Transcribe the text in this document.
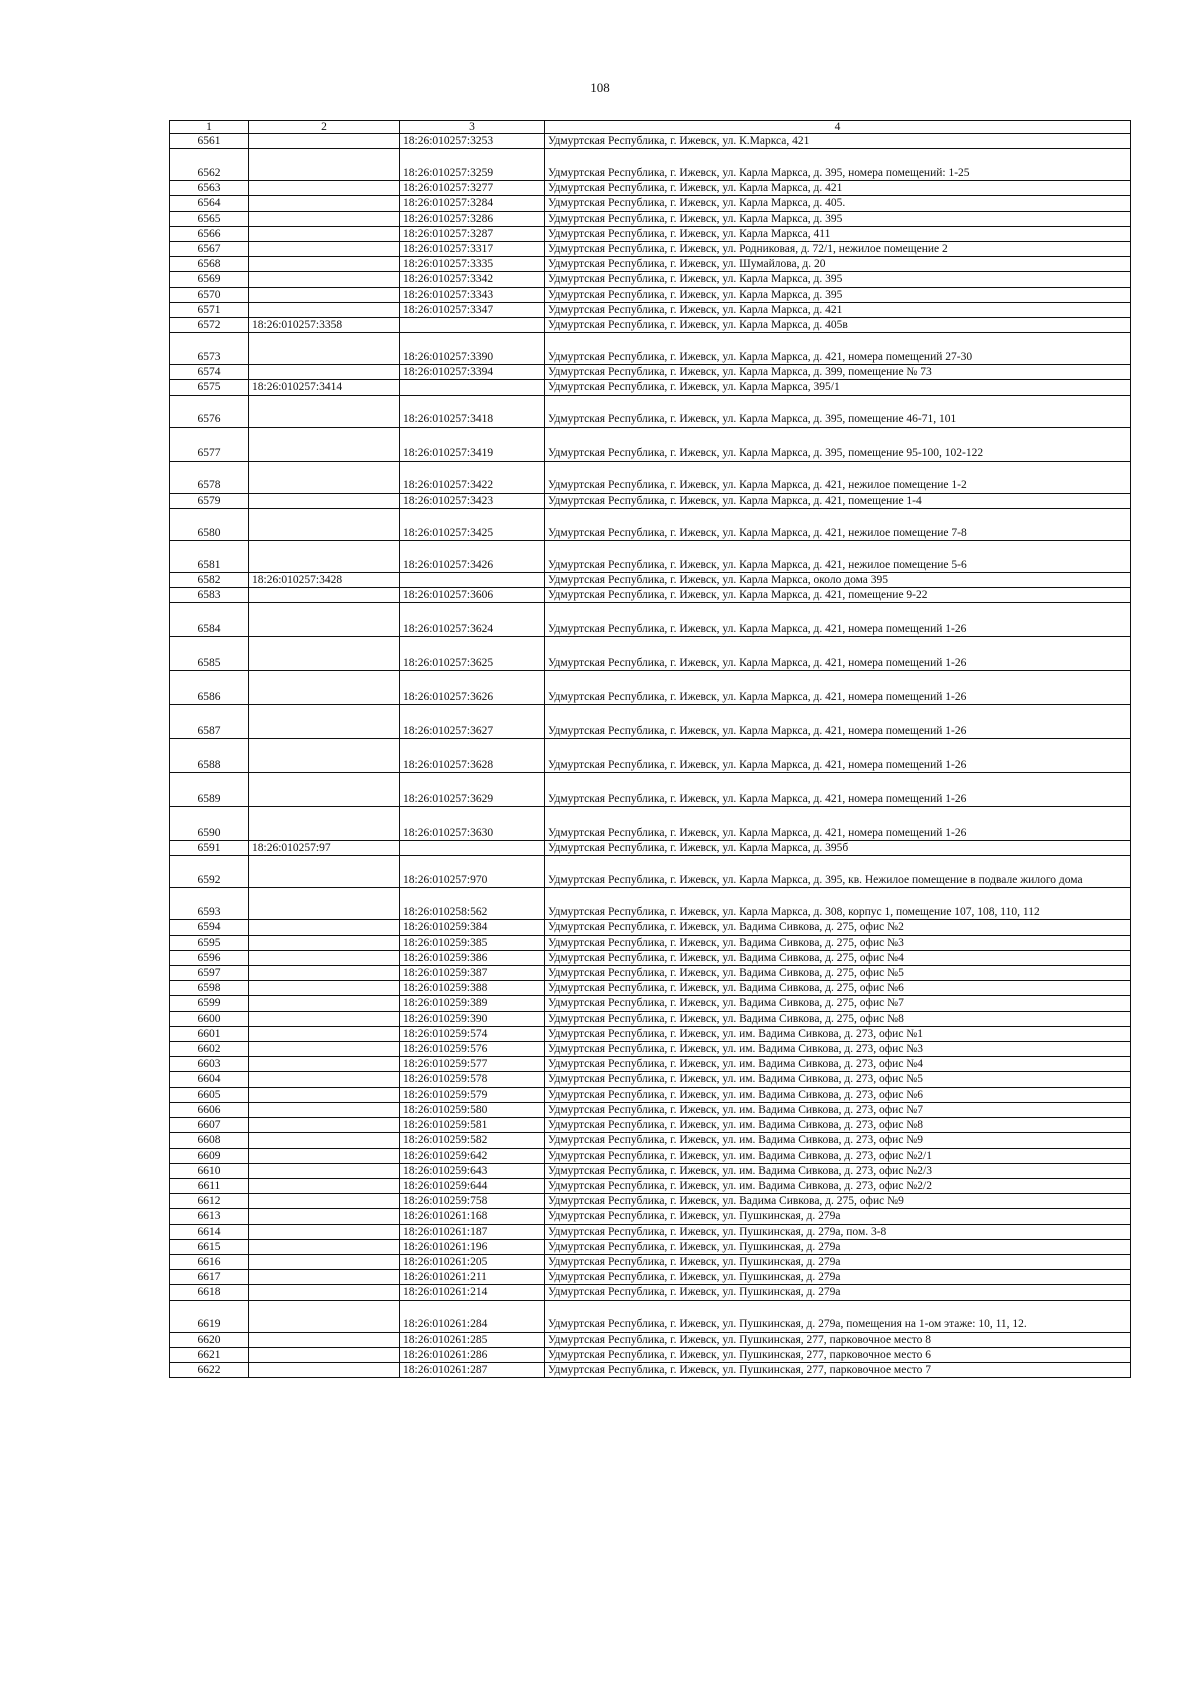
108
1	2	3	4
6561		18:26:010257:3253	Удмуртская Республика, г. Ижевск, ул. К.Маркса, 421
6562		18:26:010257:3259	Удмуртская Республика, г. Ижевск, ул. Карла Маркса, д. 395, номера помещений: 1-25
6563		18:26:010257:3277	Удмуртская Республика, г. Ижевск, ул. Карла Маркса, д. 421
6564		18:26:010257:3284	Удмуртская Республика, г. Ижевск, ул. Карла Маркса, д. 405.
6565		18:26:010257:3286	Удмуртская Республика, г. Ижевск, ул. Карла Маркса, д. 395
6566		18:26:010257:3287	Удмуртская Республика, г. Ижевск, ул. Карла Маркса, 411
6567		18:26:010257:3317	Удмуртская Республика, г. Ижевск, ул. Родниковая, д. 72/1, нежилое помещение 2
6568		18:26:010257:3335	Удмуртская Республика, г. Ижевск, ул. Шумайлова, д. 20
6569		18:26:010257:3342	Удмуртская Республика, г. Ижевск, ул. Карла Маркса, д. 395
6570		18:26:010257:3343	Удмуртская Республика, г. Ижевск, ул. Карла Маркса, д. 395
6571		18:26:010257:3347	Удмуртская Республика, г. Ижевск, ул. Карла Маркса, д. 421
6572	18:26:010257:3358		Удмуртская Республика, г. Ижевск, ул. Карла Маркса, д. 405в
6573		18:26:010257:3390	Удмуртская Республика, г. Ижевск, ул. Карла Маркса, д. 421, номера помещений 27-30
6574		18:26:010257:3394	Удмуртская Республика, г. Ижевск, ул. Карла Маркса, д. 399, помещение № 73
6575	18:26:010257:3414		Удмуртская Республика, г. Ижевск, ул. Карла Маркса, 395/1
6576		18:26:010257:3418	Удмуртская Республика, г. Ижевск, ул. Карла Маркса, д. 395, помещение 46-71, 101
6577		18:26:010257:3419	Удмуртская Республика, г. Ижевск, ул. Карла Маркса, д. 395, помещение 95-100, 102-122
6578		18:26:010257:3422	Удмуртская Республика, г. Ижевск, ул. Карла Маркса, д. 421, нежилое помещение 1-2
6579		18:26:010257:3423	Удмуртская Республика, г. Ижевск, ул. Карла Маркса, д. 421, помещение 1-4
6580		18:26:010257:3425	Удмуртская Республика, г. Ижевск, ул. Карла Маркса, д. 421, нежилое помещение 7-8
6581		18:26:010257:3426	Удмуртская Республика, г. Ижевск, ул. Карла Маркса, д. 421, нежилое помещение 5-6
6582	18:26:010257:3428		Удмуртская Республика, г. Ижевск, ул. Карла Маркса, около дома 395
6583		18:26:010257:3606	Удмуртская Республика, г. Ижевск, ул. Карла Маркса, д. 421, помещение 9-22
6584		18:26:010257:3624	Удмуртская Республика, г. Ижевск, ул. Карла Маркса, д. 421, номера помещений 1-26
6585		18:26:010257:3625	Удмуртская Республика, г. Ижевск, ул. Карла Маркса, д. 421, номера помещений 1-26
6586		18:26:010257:3626	Удмуртская Республика, г. Ижевск, ул. Карла Маркса, д. 421, номера помещений 1-26
6587		18:26:010257:3627	Удмуртская Республика, г. Ижевск, ул. Карла Маркса, д. 421, номера помещений 1-26
6588		18:26:010257:3628	Удмуртская Республика, г. Ижевск, ул. Карла Маркса, д. 421, номера помещений 1-26
6589		18:26:010257:3629	Удмуртская Республика, г. Ижевск, ул. Карла Маркса, д. 421, номера помещений 1-26
6590		18:26:010257:3630	Удмуртская Республика, г. Ижевск, ул. Карла Маркса, д. 421, номера помещений 1-26
6591	18:26:010257:97		Удмуртская Республика, г. Ижевск, ул. Карла Маркса, д. 395б
6592		18:26:010257:970	Удмуртская Республика, г. Ижевск, ул. Карла Маркса, д. 395, кв. Нежилое помещение в подвале жилого дома
6593		18:26:010258:562	Удмуртская Республика, г. Ижевск, ул. Карла Маркса, д. 308, корпус 1, помещение 107, 108, 110, 112
6594		18:26:010259:384	Удмуртская Республика, г. Ижевск, ул. Вадима Сивкова, д. 275, офис №2
6595		18:26:010259:385	Удмуртская Республика, г. Ижевск, ул. Вадима Сивкова, д. 275, офис №3
6596		18:26:010259:386	Удмуртская Республика, г. Ижевск, ул. Вадима Сивкова, д. 275, офис №4
6597		18:26:010259:387	Удмуртская Республика, г. Ижевск, ул. Вадима Сивкова, д. 275, офис №5
6598		18:26:010259:388	Удмуртская Республика, г. Ижевск, ул. Вадима Сивкова, д. 275, офис №6
6599		18:26:010259:389	Удмуртская Республика, г. Ижевск, ул. Вадима Сивкова, д. 275, офис №7
6600		18:26:010259:390	Удмуртская Республика, г. Ижевск, ул. Вадима Сивкова, д. 275, офис №8
6601		18:26:010259:574	Удмуртская Республика, г. Ижевск, ул. им. Вадима Сивкова, д. 273, офис №1
6602		18:26:010259:576	Удмуртская Республика, г. Ижевск, ул. им. Вадима Сивкова, д. 273, офис №3
6603		18:26:010259:577	Удмуртская Республика, г. Ижевск, ул. им. Вадима Сивкова, д. 273, офис №4
6604		18:26:010259:578	Удмуртская Республика, г. Ижевск, ул. им. Вадима Сивкова, д. 273, офис №5
6605		18:26:010259:579	Удмуртская Республика, г. Ижевск, ул. им. Вадима Сивкова, д. 273, офис №6
6606		18:26:010259:580	Удмуртская Республика, г. Ижевск, ул. им. Вадима Сивкова, д. 273, офис №7
6607		18:26:010259:581	Удмуртская Республика, г. Ижевск, ул. им. Вадима Сивкова, д. 273, офис №8
6608		18:26:010259:582	Удмуртская Республика, г. Ижевск, ул. им. Вадима Сивкова, д. 273, офис №9
6609		18:26:010259:642	Удмуртская Республика, г. Ижевск, ул. им. Вадима Сивкова, д. 273, офис №2/1
6610		18:26:010259:643	Удмуртская Республика, г. Ижевск, ул. им. Вадима Сивкова, д. 273, офис №2/3
6611		18:26:010259:644	Удмуртская Республика, г. Ижевск, ул. им. Вадима Сивкова, д. 273, офис №2/2
6612		18:26:010259:758	Удмуртская Республика, г. Ижевск, ул. Вадима Сивкова, д. 275, офис №9
6613		18:26:010261:168	Удмуртская Республика, г. Ижевск, ул. Пушкинская, д. 279а
6614		18:26:010261:187	Удмуртская Республика, г. Ижевск, ул. Пушкинская, д. 279а, пом. 3-8
6615		18:26:010261:196	Удмуртская Республика, г. Ижевск, ул. Пушкинская, д. 279а
6616		18:26:010261:205	Удмуртская Республика, г. Ижевск, ул. Пушкинская, д. 279а
6617		18:26:010261:211	Удмуртская Республика, г. Ижевск, ул. Пушкинская, д. 279а
6618		18:26:010261:214	Удмуртская Республика, г. Ижевск, ул. Пушкинская, д. 279а
6619		18:26:010261:284	Удмуртская Республика, г. Ижевск, ул. Пушкинская, д. 279а, помещения на 1-ом этаже: 10, 11, 12.
6620		18:26:010261:285	Удмуртская Республика, г. Ижевск, ул. Пушкинская, 277, парковочное место 8
6621		18:26:010261:286	Удмуртская Республика, г. Ижевск, ул. Пушкинская, 277, парковочное место 6
6622		18:26:010261:287	Удмуртская Республика, г. Ижевск, ул. Пушкинская, 277, парковочное место 7
